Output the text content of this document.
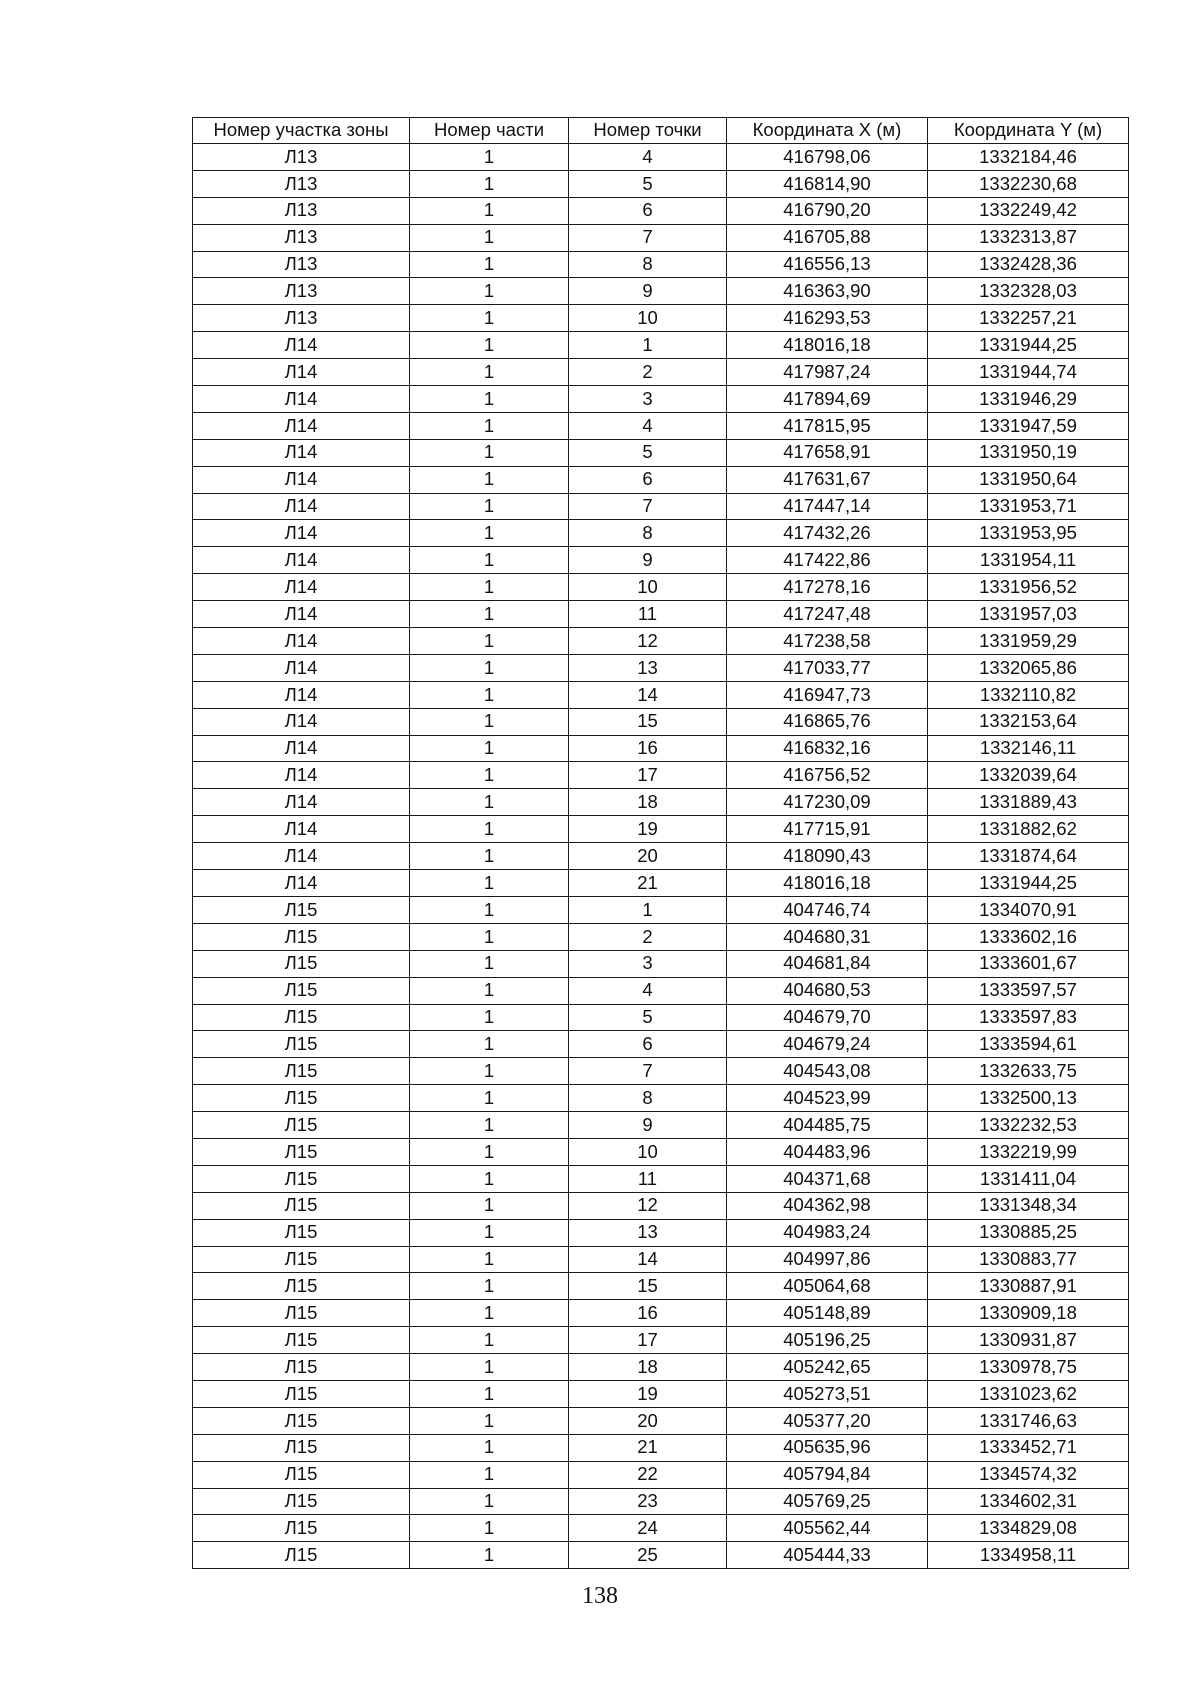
Номер участка зоны	Номер части	Номер точки	Координата X (м)	Координата Y (м)
Л13	1	4	416798,06	1332184,46
Л13	1	5	416814,90	1332230,68
Л13	1	6	416790,20	1332249,42
Л13	1	7	416705,88	1332313,87
Л13	1	8	416556,13	1332428,36
Л13	1	9	416363,90	1332328,03
Л13	1	10	416293,53	1332257,21
Л14	1	1	418016,18	1331944,25
Л14	1	2	417987,24	1331944,74
Л14	1	3	417894,69	1331946,29
Л14	1	4	417815,95	1331947,59
Л14	1	5	417658,91	1331950,19
Л14	1	6	417631,67	1331950,64
Л14	1	7	417447,14	1331953,71
Л14	1	8	417432,26	1331953,95
Л14	1	9	417422,86	1331954,11
Л14	1	10	417278,16	1331956,52
Л14	1	11	417247,48	1331957,03
Л14	1	12	417238,58	1331959,29
Л14	1	13	417033,77	1332065,86
Л14	1	14	416947,73	1332110,82
Л14	1	15	416865,76	1332153,64
Л14	1	16	416832,16	1332146,11
Л14	1	17	416756,52	1332039,64
Л14	1	18	417230,09	1331889,43
Л14	1	19	417715,91	1331882,62
Л14	1	20	418090,43	1331874,64
Л14	1	21	418016,18	1331944,25
Л15	1	1	404746,74	1334070,91
Л15	1	2	404680,31	1333602,16
Л15	1	3	404681,84	1333601,67
Л15	1	4	404680,53	1333597,57
Л15	1	5	404679,70	1333597,83
Л15	1	6	404679,24	1333594,61
Л15	1	7	404543,08	1332633,75
Л15	1	8	404523,99	1332500,13
Л15	1	9	404485,75	1332232,53
Л15	1	10	404483,96	1332219,99
Л15	1	11	404371,68	1331411,04
Л15	1	12	404362,98	1331348,34
Л15	1	13	404983,24	1330885,25
Л15	1	14	404997,86	1330883,77
Л15	1	15	405064,68	1330887,91
Л15	1	16	405148,89	1330909,18
Л15	1	17	405196,25	1330931,87
Л15	1	18	405242,65	1330978,75
Л15	1	19	405273,51	1331023,62
Л15	1	20	405377,20	1331746,63
Л15	1	21	405635,96	1333452,71
Л15	1	22	405794,84	1334574,32
Л15	1	23	405769,25	1334602,31
Л15	1	24	405562,44	1334829,08
Л15	1	25	405444,33	1334958,11
138
